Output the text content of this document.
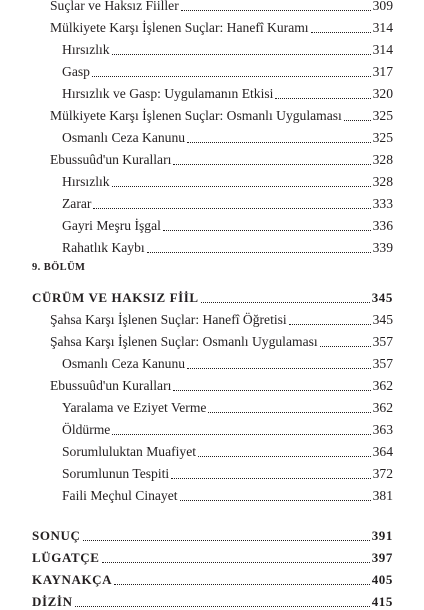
Suçlar ve Haksız Fiiller	309
Mülkiyete Karşı İşlenen Suçlar: Hanefî Kuramı	314
Hırsızlık	314
Gasp	317
Hırsızlık ve Gasp: Uygulamanın Etkisi	320
Mülkiyete Karşı İşlenen Suçlar: Osmanlı Uygulaması 325
Osmanlı Ceza Kanunu	325
Ebussuûd'un Kuralları	328
Hırsızlık	328
Zarar	333
Gayri Meşru İşgal	336
Rahatlık Kaybı	339
9. BÖLÜM
CÜRÜM VE HAKSIZ FİİL	345
Şahsa Karşı İşlenen Suçlar: Hanefî Öğretisi	345
Şahsa Karşı İşlenen Suçlar: Osmanlı Uygulaması	357
Osmanlı Ceza Kanunu	357
Ebussuûd'un Kuralları	362
Yaralama ve Eziyet Verme	362
Öldürme	363
Sorumluluktan Muafiyet	364
Sorumlunun Tespiti	372
Faili Meçhul Cinayet	381
SONUÇ	391
LÜGATÇE	397
KAYNAKÇA	405
DİZİN	415
